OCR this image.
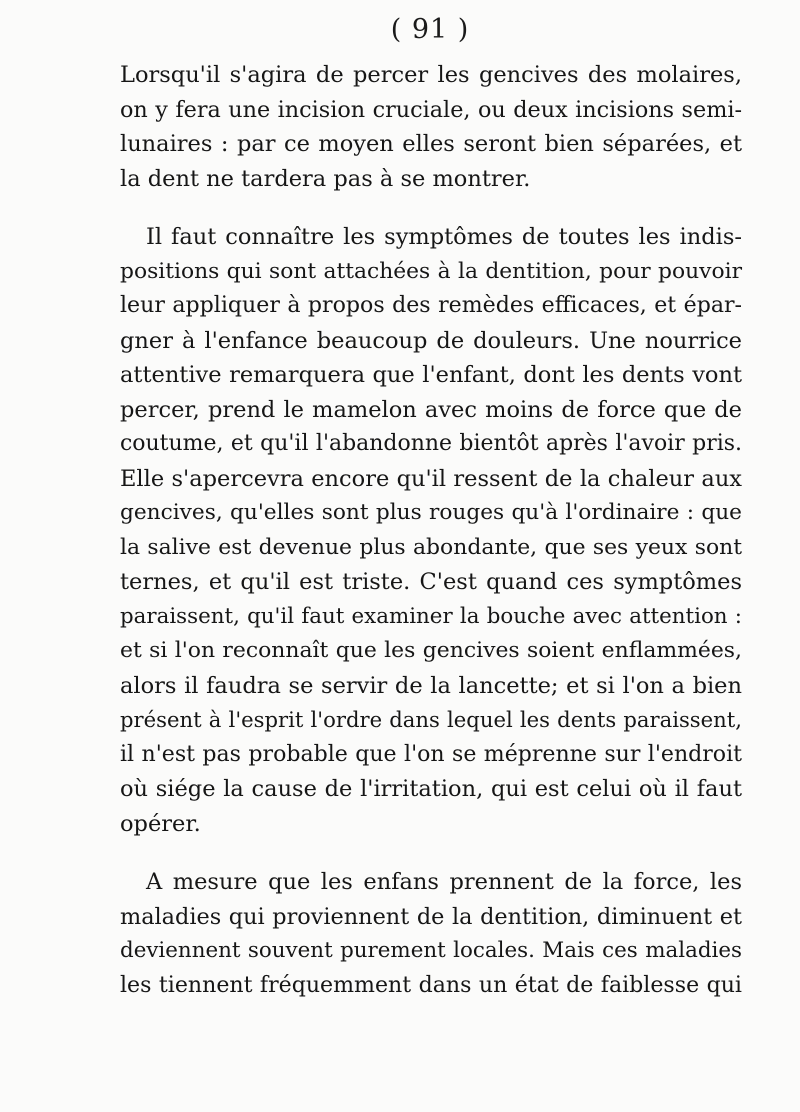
( 91 )

Lorsqu'il s'agira de percer les gencives des molaires,
on y fera une incision cruciale, ou deux incisions semi-
lunaires : par ce moyen elles seront bien séparées, et
la dent ne tardera pas à se montrer.

Il faut connaître les symptômes de toutes les indis-
positions qui sont attachées à la dentition, pour pouvoir
leur appliquer à propos des remèdes efficaces, et épar-
gner à l'enfance beaucoup de douleurs. Une nourrice
attentive remarquera que l'enfant, dont les dents vont
percer, prend le mamelon avec moins de force que de
coutume, et qu'il l'abandonne bientôt après l'avoir pris.
Elle s'apercevra encore qu'il ressent de la chaleur aux
gencives, qu'elles sont plus rouges qu'à l'ordinaire : que
la salive est devenue plus abondante, que ses yeux sont
ternes, et qu'il est triste. C'est quand ces symptômes
paraissent, qu'il faut examiner la bouche avec attention :
et si l'on reconnaît que les gencives soient enflammées,
alors il faudra se servir de la lancette; et si l'on a bien
présent à l'esprit l'ordre dans lequel les dents paraissent,
il n'est pas probable que l'on se méprenne sur l'endroit
où siége la cause de l'irritation, qui est celui où il faut
opérer.

A mesure que les enfans prennent de la force, les
maladies qui proviennent de la dentition, diminuent et
deviennent souvent purement locales. Mais ces maladies
les tiennent fréquemment dans un état de faiblesse qui
